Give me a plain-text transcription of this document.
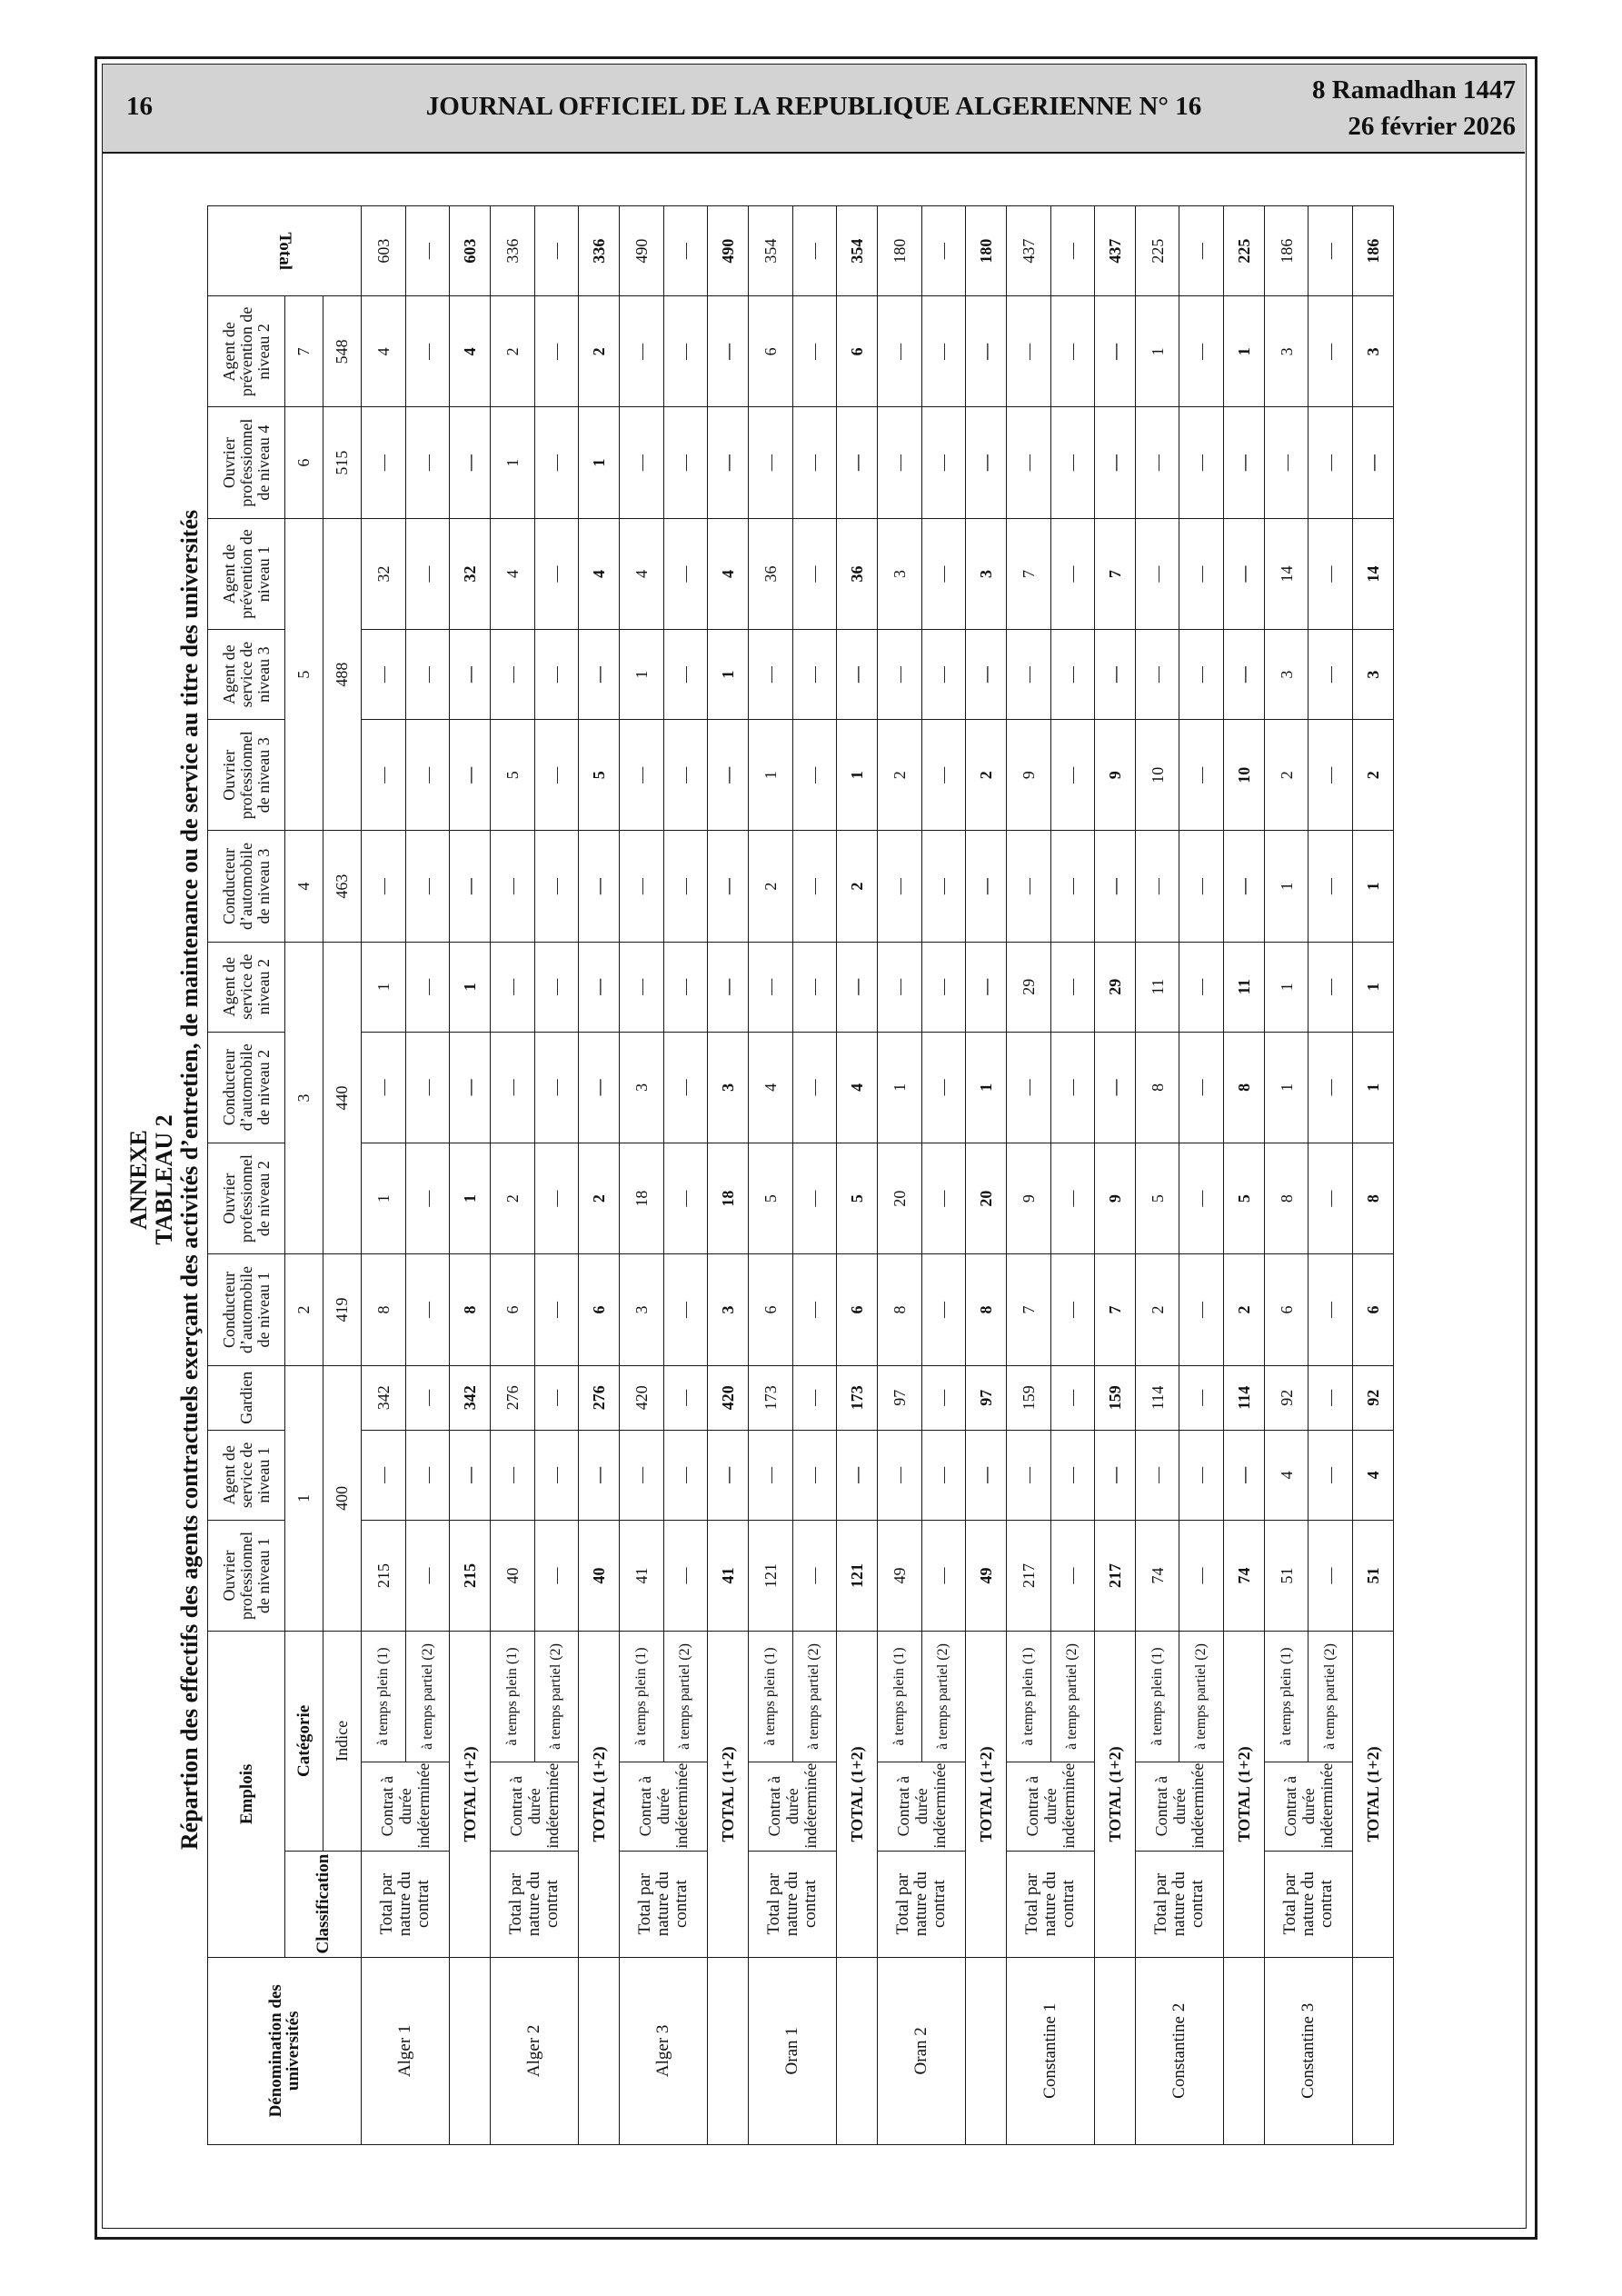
JOURNAL OFFICIEL DE LA REPUBLIQUE ALGERIENNE N° 16
16
8 Ramadhan 1447
26 février 2026
ANNEXE TABLEAU 2 Répartion des effectifs des agents contractuels exerçant des activités d’entretien, de maintenance ou de service au titre des universités
Dénomination des universités	Emplois			Ouvrier professionnel de niveau 1	Agent de service de niveau 1	Gardien	Conducteur d’automobile de niveau 1	Ouvrier professionnel de niveau 2	Conducteur d’automobile de niveau 2	Agent de service de niveau 2	Conducteur d’automobile de niveau 3	Ouvrier professionnel de niveau 3	Agent de service de niveau 3	Agent de prévention de niveau 1	Ouvrier professionnel de niveau 4	Agent de prévention de niveau 2	Total
	Classification	Catégorie		1			2	3			4	5			6	7	
		Indice		400			419	440			463	488			515	548	
Alger 1	Total par nature du contrat	Contrat à durée indéterminée	à temps plein (1)	215	—	342	8	1	—	1	—	—	—	32	—	4	603
			à temps partiel (2)	—	—	—	—	—	—	—	—	—	—	—	—	—	—
	TOTAL (1+2)			215	—	342	8	1	—	1	—	—	—	32	—	4	603
Alger 2	Total par nature du contrat	Contrat à durée indéterminée	à temps plein (1)	40	—	276	6	2	—	—	—	5	—	4	1	2	336
			à temps partiel (2)	—	—	—	—	—	—	—	—	—	—	—	—	—	—
	TOTAL (1+2)			40	—	276	6	2	—	—	—	5	—	4	1	2	336
Alger 3	Total par nature du contrat	Contrat à durée indéterminée	à temps plein (1)	41	—	420	3	18	3	—	—	—	1	4	—	—	490
			à temps partiel (2)	—	—	—	—	—	—	—	—	—	—	—	—	—	—
	TOTAL (1+2)			41	—	420	3	18	3	—	—	—	1	4	—	—	490
Oran 1	Total par nature du contrat	Contrat à durée indéterminée	à temps plein (1)	121	—	173	6	5	4	—	2	1	—	36	—	6	354
			à temps partiel (2)	—	—	—	—	—	—	—	—	—	—	—	—	—	—
	TOTAL (1+2)			121	—	173	6	5	4	—	2	1	—	36	—	6	354
Oran 2	Total par nature du contrat	Contrat à durée indéterminée	à temps plein (1)	49	—	97	8	20	1	—	—	2	—	3	—	—	180
			à temps partiel (2)	—	—	—	—	—	—	—	—	—	—	—	—	—	—
	TOTAL (1+2)			49	—	97	8	20	1	—	—	2	—	3	—	—	180
Constantine 1	Total par nature du contrat	Contrat à durée indéterminée	à temps plein (1)	217	—	159	7	9	—	29	—	9	—	7	—	—	437
			à temps partiel (2)	—	—	—	—	—	—	—	—	—	—	—	—	—	—
	TOTAL (1+2)			217	—	159	7	9	—	29	—	9	—	7	—	—	437
Constantine 2	Total par nature du contrat	Contrat à durée indéterminée	à temps plein (1)	74	—	114	2	5	8	11	—	10	—	—	—	1	225
			à temps partiel (2)	—	—	—	—	—	—	—	—	—	—	—	—	—	—
	TOTAL (1+2)			74	—	114	2	5	8	11	—	10	—	—	—	1	225
Constantine 3	Total par nature du contrat	Contrat à durée indéterminée	à temps plein (1)	51	4	92	6	8	1	1	1	2	3	14	—	3	186
			à temps partiel (2)	—	—	—	—	—	—	—	—	—	—	—	—	—	—
	TOTAL (1+2)			51	4	92	6	8	1	1	1	2	3	14	—	3	186
